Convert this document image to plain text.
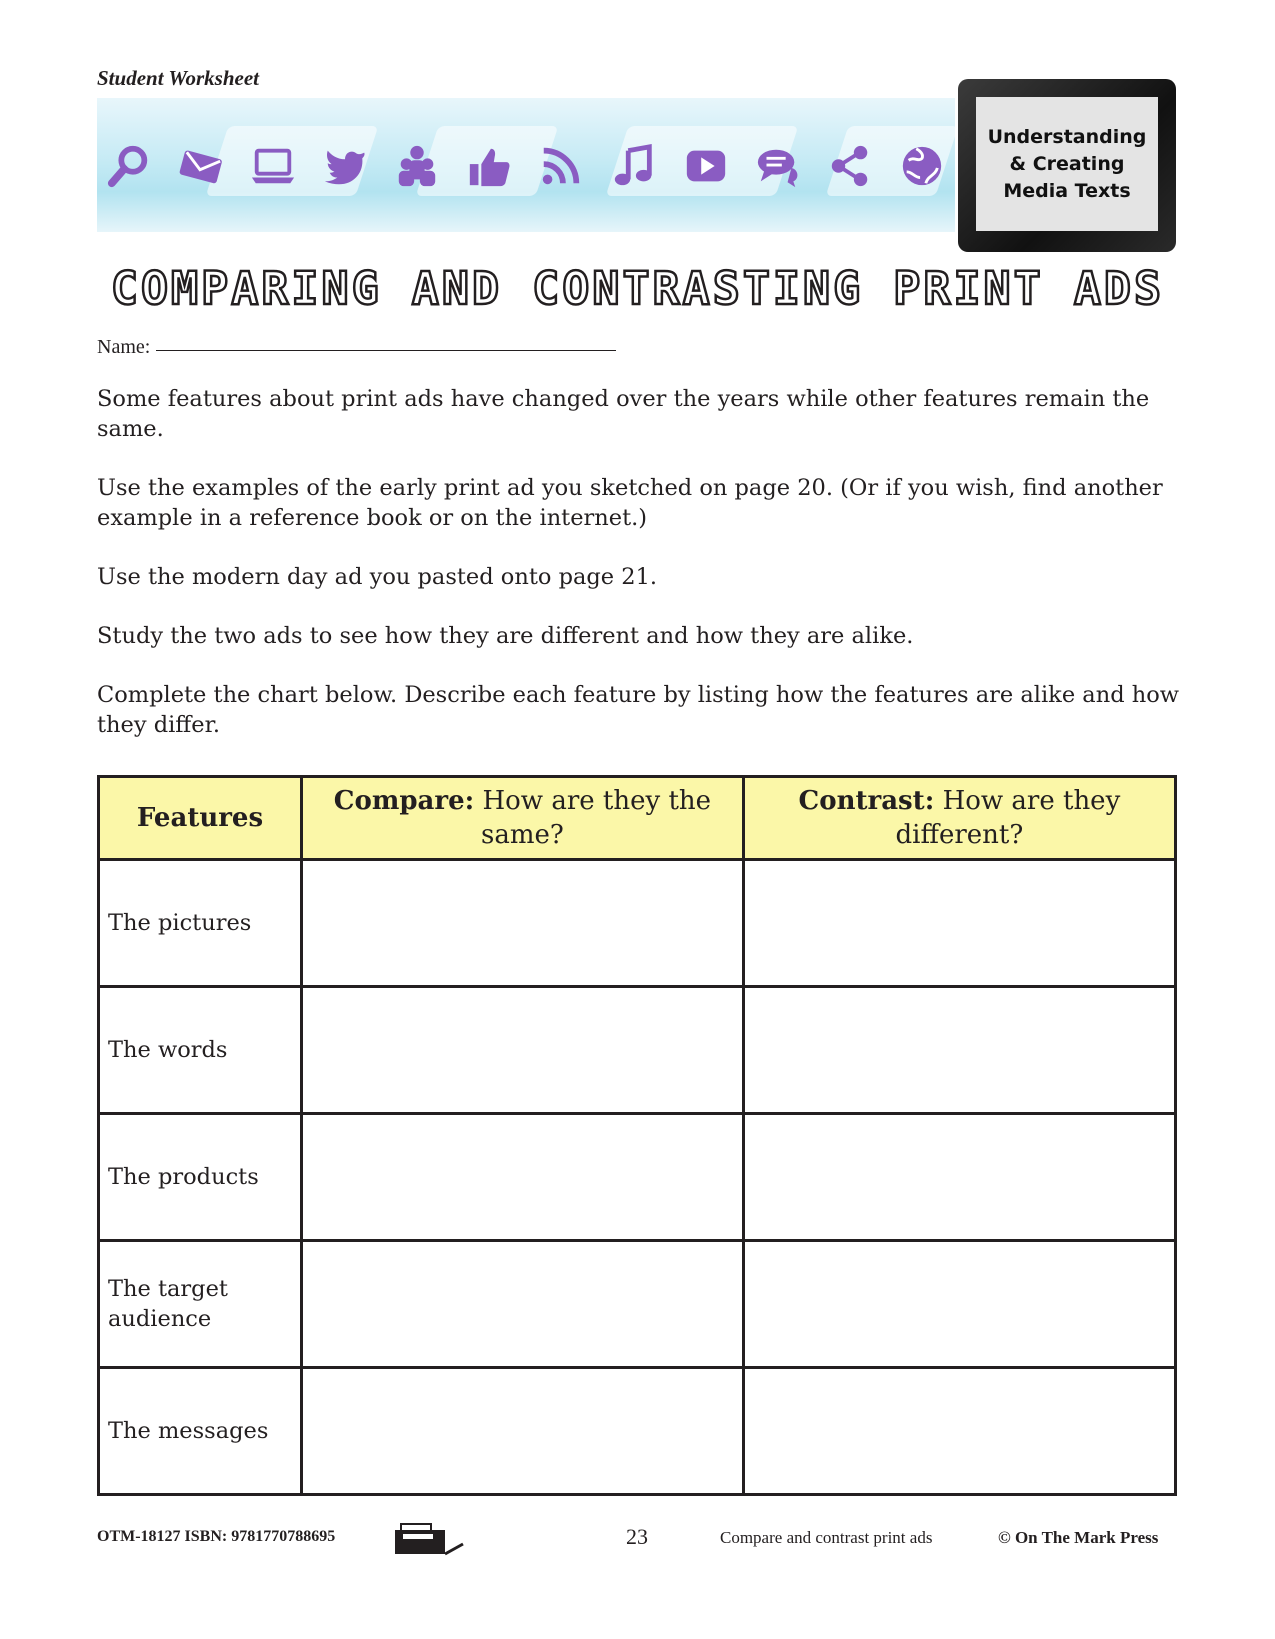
Student Worksheet
Understanding
& Creating
Media Texts
COMPARING AND CONTRASTING PRINT ADS
Name:
Some features about print ads have changed over the years while other features remain the same.
Use the examples of the early print ad you sketched on page 20. (Or if you wish, find another example in a reference book or on the internet.)
Use the modern day ad you pasted onto page 21.
Study the two ads to see how they are different and how they are alike.
Complete the chart below. Describe each feature by listing how the features are alike and how they differ.
Features	Compare: How are they the same?	Contrast: How are they different?
The pictures		
The words		
The products		
The target audience		
The messages		
OTM-18127 ISBN: 9781770788695	23	Compare and contrast print ads	© On The Mark Press
